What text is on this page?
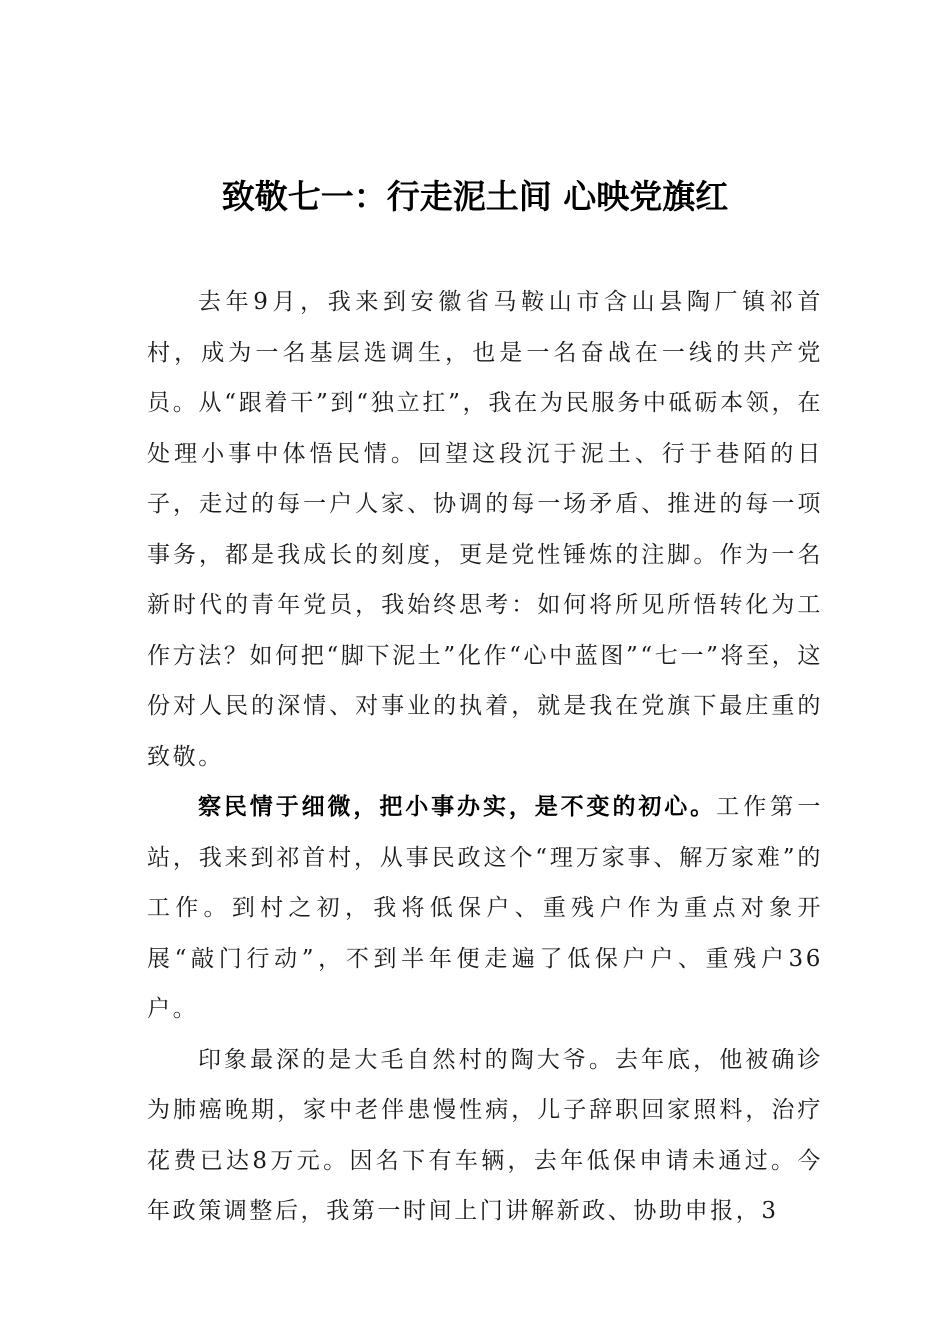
致敬七一：行走泥土间 心映党旗红

去年9月，我来到安徽省马鞍山市含山县陶厂镇祁首村，成为一名基层选调生，也是一名奋战在一线的共产党员。从“跟着干”到“独立扛”，我在为民服务中砥砺本领，在处理小事中体悟民情。回望这段沉于泥土、行于巷陌的日子，走过的每一户人家、协调的每一场矛盾、推进的每一项事务，都是我成长的刻度，更是党性锤炼的注脚。作为一名新时代的青年党员，我始终思考：如何将所见所悟转化为工作方法？如何把“脚下泥土”化作“心中蓝图”“七一”将至，这份对人民的深情、对事业的执着，就是我在党旗下最庄重的致敬。

察民情于细微，把小事办实，是不变的初心。工作第一站，我来到祁首村，从事民政这个“理万家事、解万家难”的工作。到村之初，我将低保户、重残户作为重点对象开展“敲门行动”，不到半年便走遍了低保户户、重残户36户。

印象最深的是大毛自然村的陶大爷。去年底，他被确诊为肺癌晚期，家中老伴患慢性病，儿子辞职回家照料，治疗花费已达8万元。因名下有车辆，去年低保申请未通过。今年政策调整后，我第一时间上门讲解新政、协助申报，3
